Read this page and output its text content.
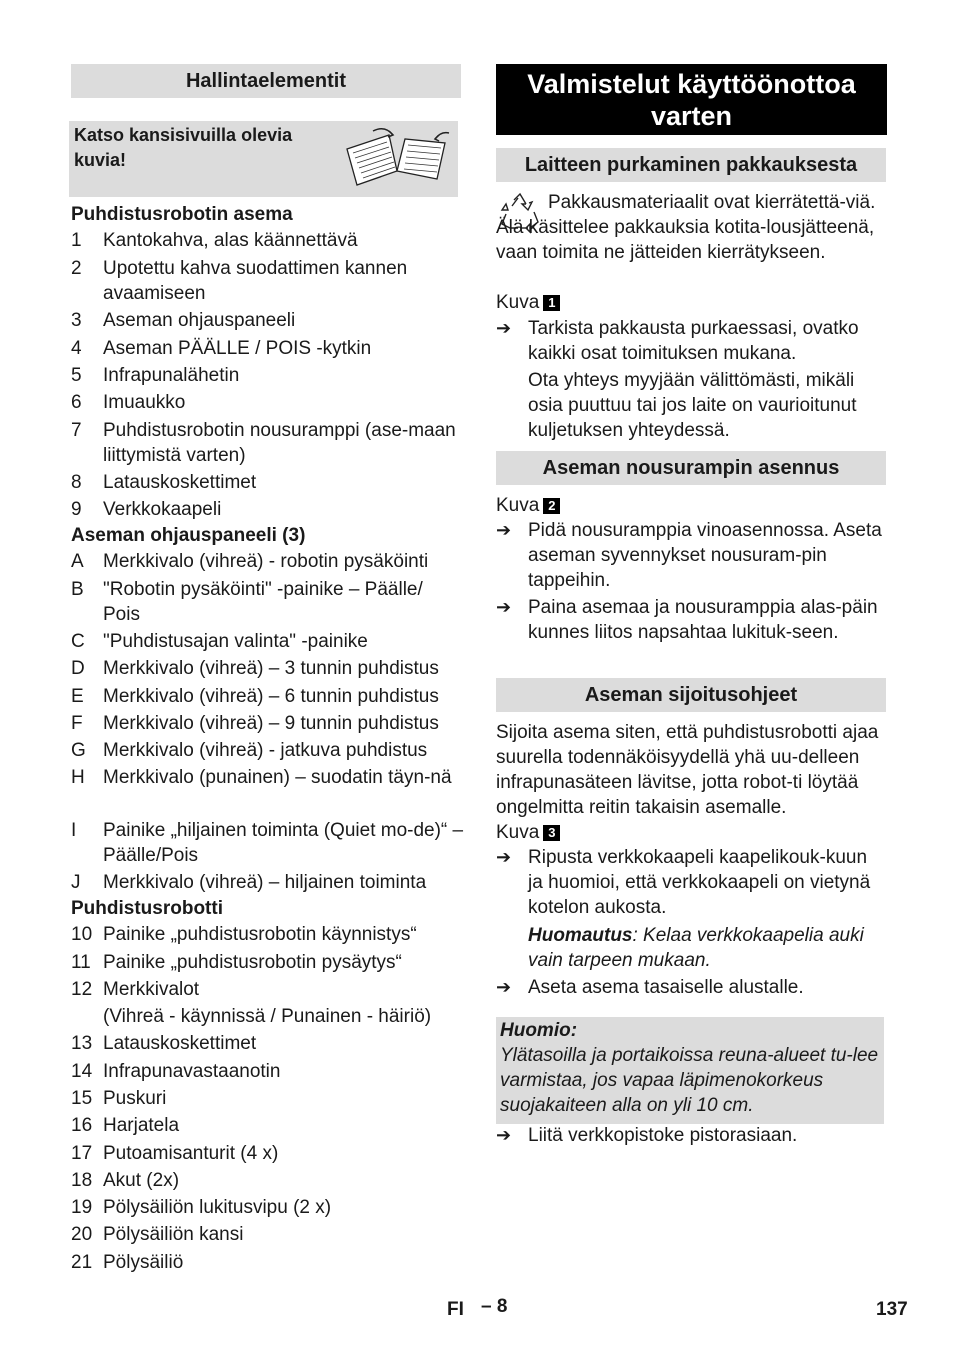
Hallintaelementit
Katso kansisivuilla olevia kuvia!
Puhdistusrobotin asema
1 Kantokahva, alas käännettävä
2 Upotettu kahva suodattimen kannen avaamiseen
3 Aseman ohjauspaneeli
4 Aseman PÄÄLLE / POIS -kytkin
5 Infrapunalähetin
6 Imuaukko
7 Puhdistusrobotin nousuramppi (ase-maan liittymistä varten)
8 Latauskoskettimet
9 Verkkokaapeli
Aseman ohjauspaneeli (3)
A Merkkivalo (vihreä) - robotin pysäköinti
B "Robotin pysäköinti" -painike – Päälle/ Pois
C "Puhdistusajan valinta" -painike
D Merkkivalo (vihreä) – 3 tunnin puhdistus
E Merkkivalo (vihreä) – 6 tunnin puhdistus
F Merkkivalo (vihreä) – 9 tunnin puhdistus
G Merkkivalo (vihreä) - jatkuva puhdistus
H Merkkivalo (punainen) – suodatin täyn-nä
I Painike „hiljainen toiminta (Quiet mo-de)“ – Päälle/Pois
J Merkkivalo (vihreä) – hiljainen toiminta
Puhdistusrobotti
10 Painike „puhdistusrobotin käynnistys“
11 Painike „puhdistusrobotin pysäytys“
12 Merkkivalot
(Vihreä - käynnissä / Punainen - häiriö)
13 Latauskoskettimet
14 Infrapunavastaanotin
15 Puskuri
16 Harjatela
17 Putoamisanturit (4 x)
18 Akut (2x)
19 Pölysäiliön lukitusvipu (2 x)
20 Pölysäiliön kansi
21 Pölysäiliö
Valmistelut käyttöönottoa varten
Laitteen purkaminen pakkauksesta
Pakkausmateriaalit ovat kierrätettä-viä. Älä käsittelee pakkauksia kotita-lousjätteenä, vaan toimita ne jätteiden kierrätykseen.
Kuva 1
➔ Tarkista pakkausta purkaessasi, ovatko kaikki osat toimituksen mukana.
Ota yhteys myyjään välittömästi, mikäli osia puuttuu tai jos laite on vaurioitunut kuljetuksen yhteydessä.
Aseman nousurampin asennus
Kuva 2
➔ Pidä nousuramppia vinoasennossa. Aseta aseman syvennykset nousuram-pin tappeihin.
➔ Paina asemaa ja nousuramppia alas-päin kunnes liitos napsahtaa lukituk-seen.
Aseman sijoitusohjeet
Sijoita asema siten, että puhdistusrobotti ajaa suurella todennäköisyydellä yhä uu-delleen infrapunasäteen lävitse, jotta robot-ti löytää ongelmitta reitin takaisin asemalle.
Kuva 3
➔ Ripusta verkkokaapeli kaapelikouk-kuun ja huomioi, että verkkokaapeli on vietynä kotelon aukosta.
Huomautus: Kelaa verkkokaapelia auki vain tarpeen mukaan.
➔ Aseta asema tasaiselle alustalle.
Huomio:
Ylätasoilla ja portaikoissa reuna-alueet tu-lee varmistaa, jos vapaa läpimenokorkeus suojakaiteen alla on yli 10 cm.
➔ Liitä verkkopistoke pistorasiaan.
FI – 8	137
